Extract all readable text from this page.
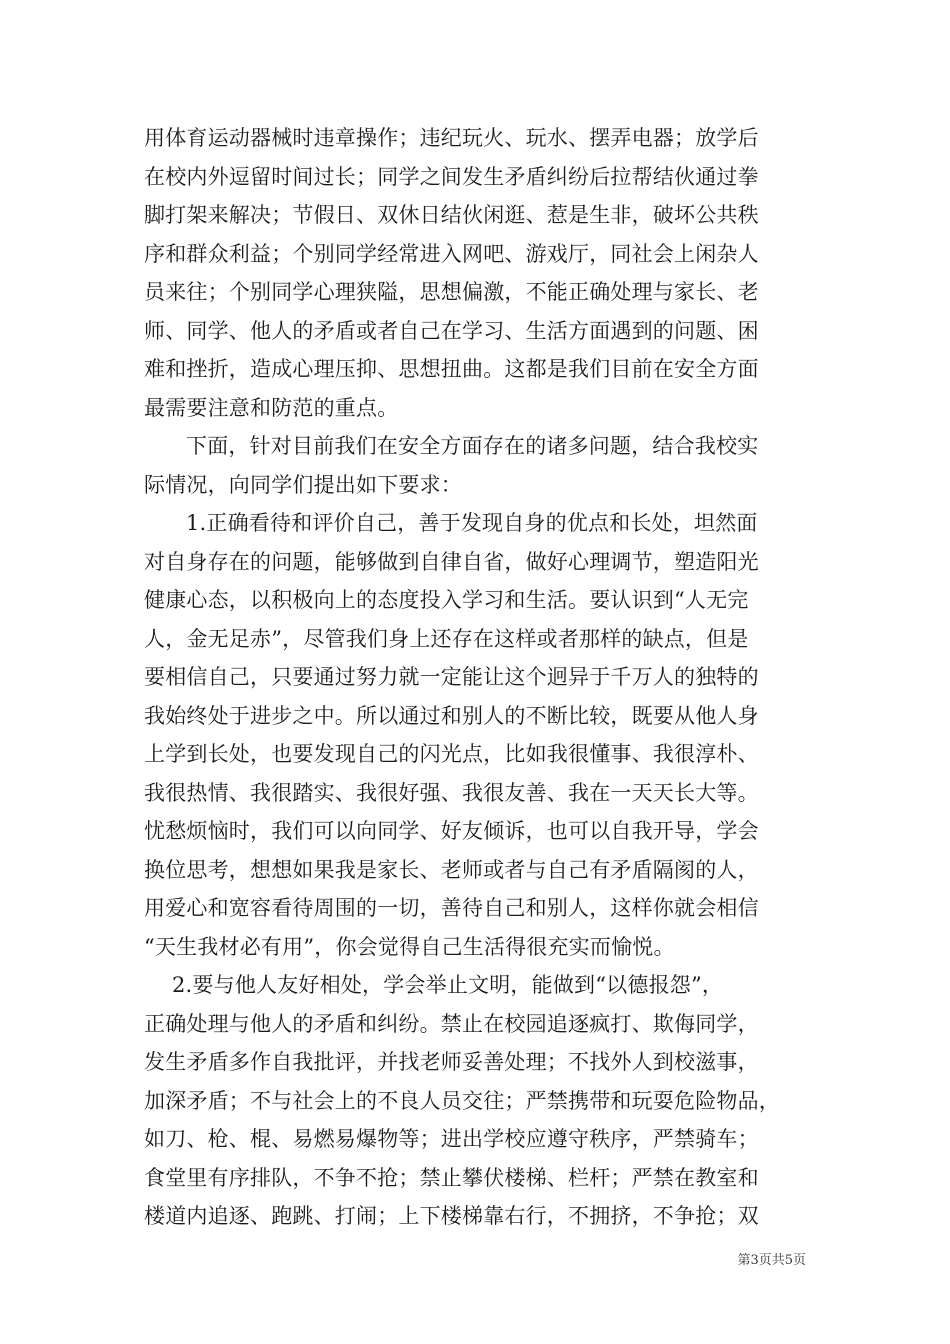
用体育运动器械时违章操作；违纪玩火、玩水、摆弄电器；放学后
在校内外逗留时间过长；同学之间发生矛盾纠纷后拉帮结伙通过拳
脚打架来解决；节假日、双休日结伙闲逛、惹是生非，破坏公共秩
序和群众利益；个别同学经常进入网吧、游戏厅，同社会上闲杂人
员来往；个别同学心理狭隘，思想偏激，不能正确处理与家长、老
师、同学、他人的矛盾或者自己在学习、生活方面遇到的问题、困
难和挫折，造成心理压抑、思想扭曲。这都是我们目前在安全方面
最需要注意和防范的重点。
下面，针对目前我们在安全方面存在的诸多问题，结合我校实
际情况，向同学们提出如下要求：
1.正确看待和评价自己，善于发现自身的优点和长处，坦然面
对自身存在的问题，能够做到自律自省，做好心理调节，塑造阳光
健康心态，以积极向上的态度投入学习和生活。要认识到“人无完
人，金无足赤”，尽管我们身上还存在这样或者那样的缺点，但是
要相信自己，只要通过努力就一定能让这个迥异于千万人的独特的
我始终处于进步之中。所以通过和别人的不断比较，既要从他人身
上学到长处，也要发现自己的闪光点，比如我很懂事、我很淳朴、
我很热情、我很踏实、我很好强、我很友善、我在一天天长大等。
忧愁烦恼时，我们可以向同学、好友倾诉，也可以自我开导，学会
换位思考，想想如果我是家长、老师或者与自己有矛盾隔阂的人，
用爱心和宽容看待周围的一切，善待自己和别人，这样你就会相信
“天生我材必有用”，你会觉得自己生活得很充实而愉悦。
2.要与他人友好相处，学会举止文明，能做到“以德报怨”，
正确处理与他人的矛盾和纠纷。禁止在校园追逐疯打、欺侮同学，
发生矛盾多作自我批评，并找老师妥善处理；不找外人到校滋事，
加深矛盾；不与社会上的不良人员交往；严禁携带和玩耍危险物品，
如刀、枪、棍、易燃易爆物等；进出学校应遵守秩序，严禁骑车；
食堂里有序排队，不争不抢；禁止攀伏楼梯、栏杆；严禁在教室和
楼道内追逐、跑跳、打闹；上下楼梯靠右行，不拥挤，不争抢；双
第3页共5页
